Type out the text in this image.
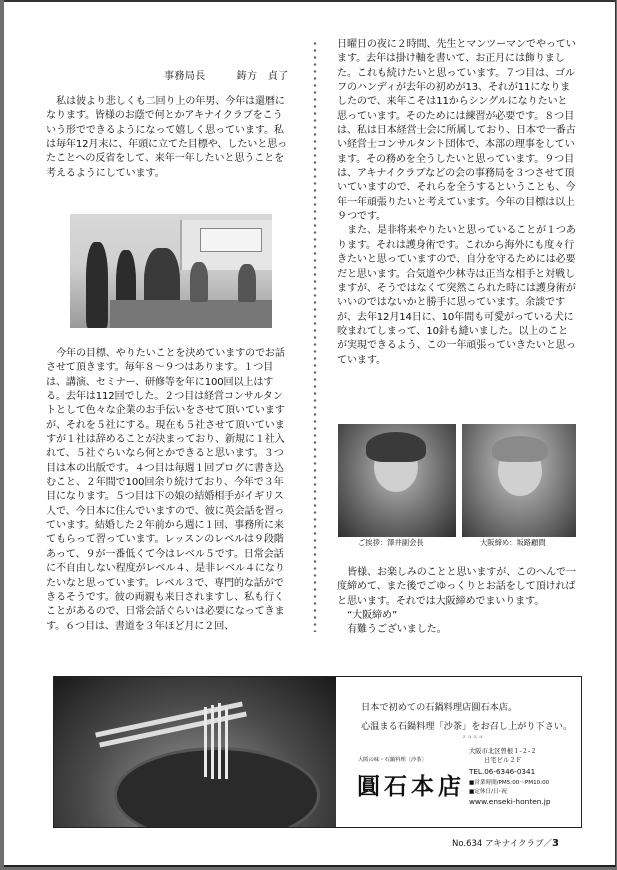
事務局長	鋳方　貞了

私は彼より悲しくも二回り上の年男、今年は還暦になります。皆様のお蔭で何とかアキナイクラブをこういう形でできるようになって嬉しく思っています。私は毎年12月末に、年頭に立てた目標や、したいと思ったことへの反省をして、来年一年したいと思うことを考えるようにしています。

今年の目標、やりたいことを決めていますのでお話させて頂きます。毎年８～９つはあります。１つ目は、講演、セミナー、研修等を年に100回以上はする。去年は112回でした。２つ目は経営コンサルタントとして色々な企業のお手伝いをさせて頂いていますが、それを５社にする。現在も５社させて頂いていますが１社は辞めることが決まっており、新規に１社入れて、５社ぐらいなら何とかできると思います。３つ目は本の出版です。４つ目は毎週１回ブログに書き込むこと、２年間で100回余り続けており、今年で３年目になります。５つ目は下の娘の結婚相手がイギリス人で、今日本に住んでいますので、彼に英会話を習っています。結婚した２年前から週に１回、事務所に来てもらって習っています。レッスンのレベルは９段階あって、９が一番低くて今はレベル５です。日常会話に不自由しない程度がレベル４、是非レベル４になりたいなと思っています。レベル３で、専門的な話ができるそうです。彼の両親も来日されますし、私も行くことがあるので、日常会話ぐらいは必要になってきます。６つ目は、書道を３年ほど月に２回、

日曜日の夜に２時間、先生とマンツーマンでやっています。去年は掛け軸を書いて、お正月には飾りました。これも続けたいと思っています。７つ目は、ゴルフのハンディが去年の初めが13、それが11になりましたので、来年こそは11からシングルになりたいと思っています。そのためには練習が必要です。８つ目は、私は日本経営士会に所属しており、日本で一番古い経営士コンサルタント団体で、本部の理事をしています。その務めを全うしたいと思っています。９つ目は、アキナイクラブなどの会の事務局を３つさせて頂いていますので、それらを全うするということも、今年一年頑張りたいと考えています。今年の目標は以上９つです。

また、是非将来やりたいと思っていることが１つあります。それは護身術です。これから海外にも度々行きたいと思っていますので、自分を守るためには必要だと思います。合気道や少林寺は正当な相手と対戦しますが、そうではなくて突然こられた時には護身術がいいのではないかと勝手に思っています。余談ですが、去年12月14日に、10年間も可愛がっている犬に咬まれてしまって、10針も縫いました。以上のことが実現できるよう、この一年頑張っていきたいと思っています。

ご挨拶：澤井副会長	大阪締め：坂路顧問

皆様、お楽しみのことと思いますが、このへんで一度締めて、また後でごゆっくりとお話をして頂ければと思います。それでは大阪締めでまいります。

“大阪締め”

有難うございました。

日本で初めての石鍋料理店圓石本店。
心温まる石鍋料理「沙茶」をお召し上がり下さい。
ｚａｚａ
大阪の味・石鍋料理〔沙茶〕
圓石本店
大阪市北区曽根１‐２‐２
日宅ビル２Ｆ
TEL.06-6346-0341
■営業時間/PM5:00～PM10:00
■定休日/日･祝
www.enseki-honten.jp
No.634 アキナイクラブ／3
